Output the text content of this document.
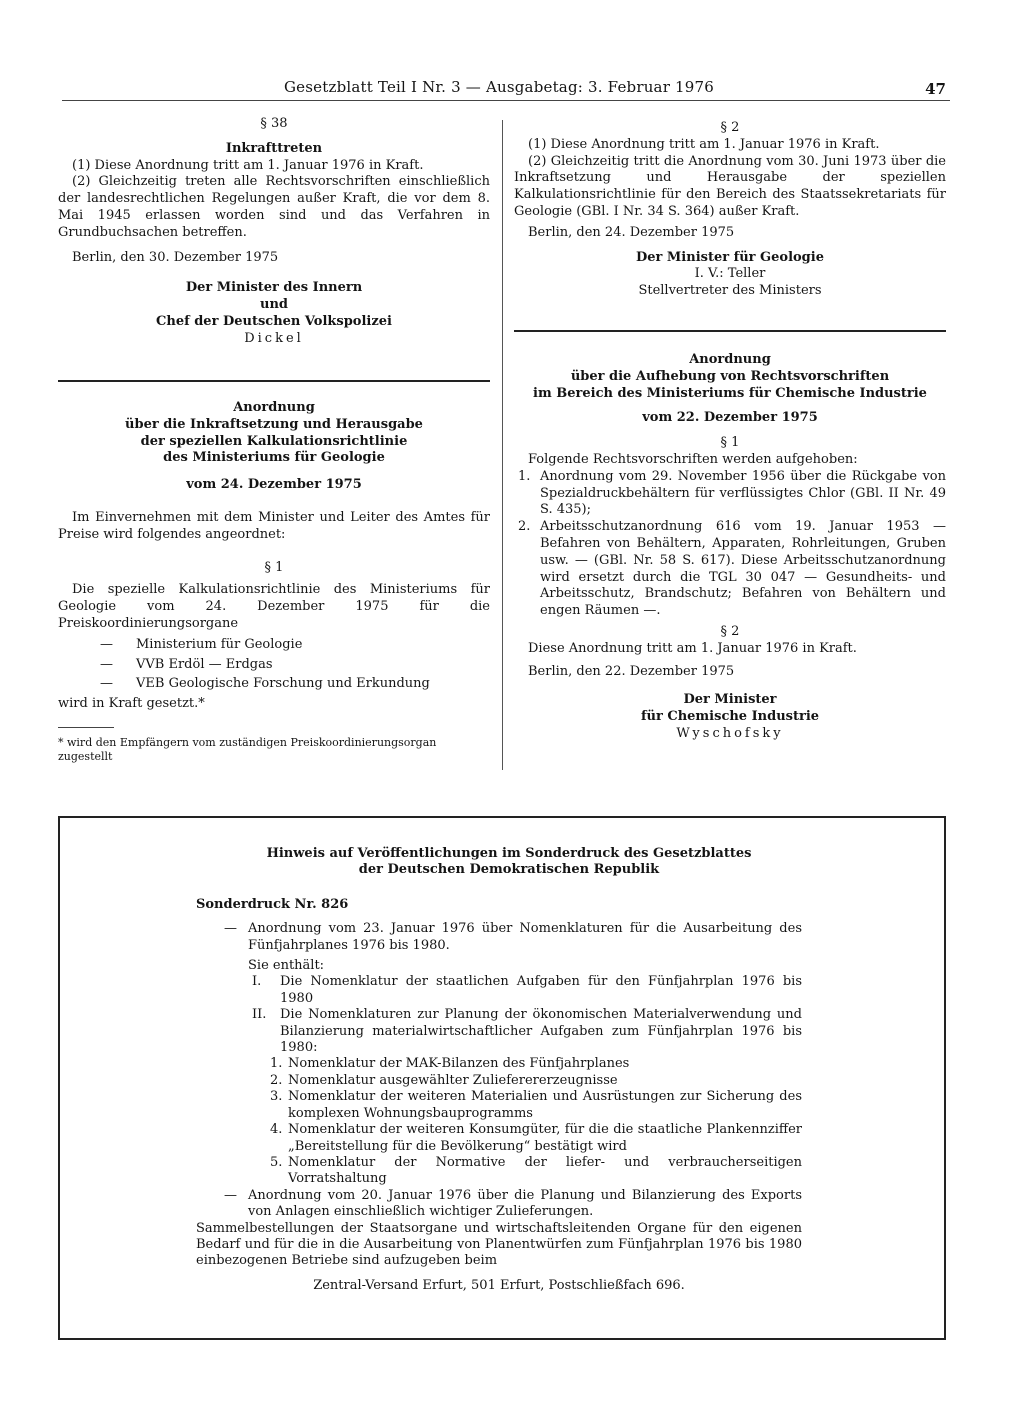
Gesetzblatt Teil I Nr. 3 — Ausgabetag: 3. Februar 1976	47

§ 38

Inkrafttreten

(1) Diese Anordnung tritt am 1. Januar 1976 in Kraft.

(2) Gleichzeitig treten alle Rechtsvorschriften einschließlich der landesrechtlichen Regelungen außer Kraft, die vor dem 8. Mai 1945 erlassen worden sind und das Verfahren in Grundbuchsachen betreffen.

Berlin, den 30. Dezember 1975

Der Minister des Innern

und

Chef der Deutschen Volkspolizei

Dickel

Anordnung

über die Inkraftsetzung und Herausgabe

der speziellen Kalkulationsrichtlinie

des Ministeriums für Geologie

vom 24. Dezember 1975

Im Einvernehmen mit dem Minister und Leiter des Amtes für Preise wird folgendes angeordnet:

§ 1

Die spezielle Kalkulationsrichtlinie des Ministeriums für Geologie vom 24. Dezember 1975 für die Preiskoordinierungsorgane

— Ministerium für Geologie

— VVB Erdöl — Erdgas

— VEB Geologische Forschung und Erkundung

wird in Kraft gesetzt.*

* wird den Empfängern vom zuständigen Preiskoordinierungsorgan zugestellt

§ 2

(1) Diese Anordnung tritt am 1. Januar 1976 in Kraft.

(2) Gleichzeitig tritt die Anordnung vom 30. Juni 1973 über die Inkraftsetzung und Herausgabe der speziellen Kalkulationsrichtlinie für den Bereich des Staatssekretariats für Geologie (GBl. I Nr. 34 S. 364) außer Kraft.

Berlin, den 24. Dezember 1975

Der Minister für Geologie

I. V.: Teller

Stellvertreter des Ministers

Anordnung

über die Aufhebung von Rechtsvorschriften

im Bereich des Ministeriums für Chemische Industrie

vom 22. Dezember 1975

§ 1

Folgende Rechtsvorschriften werden aufgehoben:

1. Anordnung vom 29. November 1956 über die Rückgabe von Spezialdruckbehältern für verflüssigtes Chlor (GBl. II Nr. 49 S. 435);

2. Arbeitsschutzanordnung 616 vom 19. Januar 1953 — Befahren von Behältern, Apparaten, Rohrleitungen, Gruben usw. — (GBl. Nr. 58 S. 617). Diese Arbeitsschutzanordnung wird ersetzt durch die TGL 30 047 — Gesundheits- und Arbeitsschutz, Brandschutz; Befahren von Behältern und engen Räumen —.

§ 2

Diese Anordnung tritt am 1. Januar 1976 in Kraft.

Berlin, den 22. Dezember 1975

Der Minister

für Chemische Industrie

Wyschofsky

Hinweis auf Veröffentlichungen im Sonderdruck des Gesetzblattes

der Deutschen Demokratischen Republik

Sonderdruck Nr. 826

— Anordnung vom 23. Januar 1976 über Nomenklaturen für die Ausarbeitung des Fünfjahrplanes 1976 bis 1980.

Sie enthält:

I. Die Nomenklatur der staatlichen Aufgaben für den Fünfjahrplan 1976 bis 1980

II. Die Nomenklaturen zur Planung der ökonomischen Materialverwendung und Bilanzierung materialwirtschaftlicher Aufgaben zum Fünfjahrplan 1976 bis 1980:

1. Nomenklatur der MAK-Bilanzen des Fünfjahrplanes

2. Nomenklatur ausgewählter Zulieferererzeugnisse

3. Nomenklatur der weiteren Materialien und Ausrüstungen zur Sicherung des komplexen Wohnungsbauprogramms

4. Nomenklatur der weiteren Konsumgüter, für die die staatliche Plankennziffer „Bereitstellung für die Bevölkerung“ bestätigt wird

5. Nomenklatur der Normative der liefer- und verbraucherseitigen Vorratshaltung

— Anordnung vom 20. Januar 1976 über die Planung und Bilanzierung des Exports von Anlagen einschließlich wichtiger Zulieferungen.

Sammelbestellungen der Staatsorgane und wirtschaftsleitenden Organe für den eigenen Bedarf und für die in die Ausarbeitung von Planentwürfen zum Fünfjahrplan 1976 bis 1980 einbezogenen Betriebe sind aufzugeben beim

Zentral-Versand Erfurt, 501 Erfurt, Postschließfach 696.
